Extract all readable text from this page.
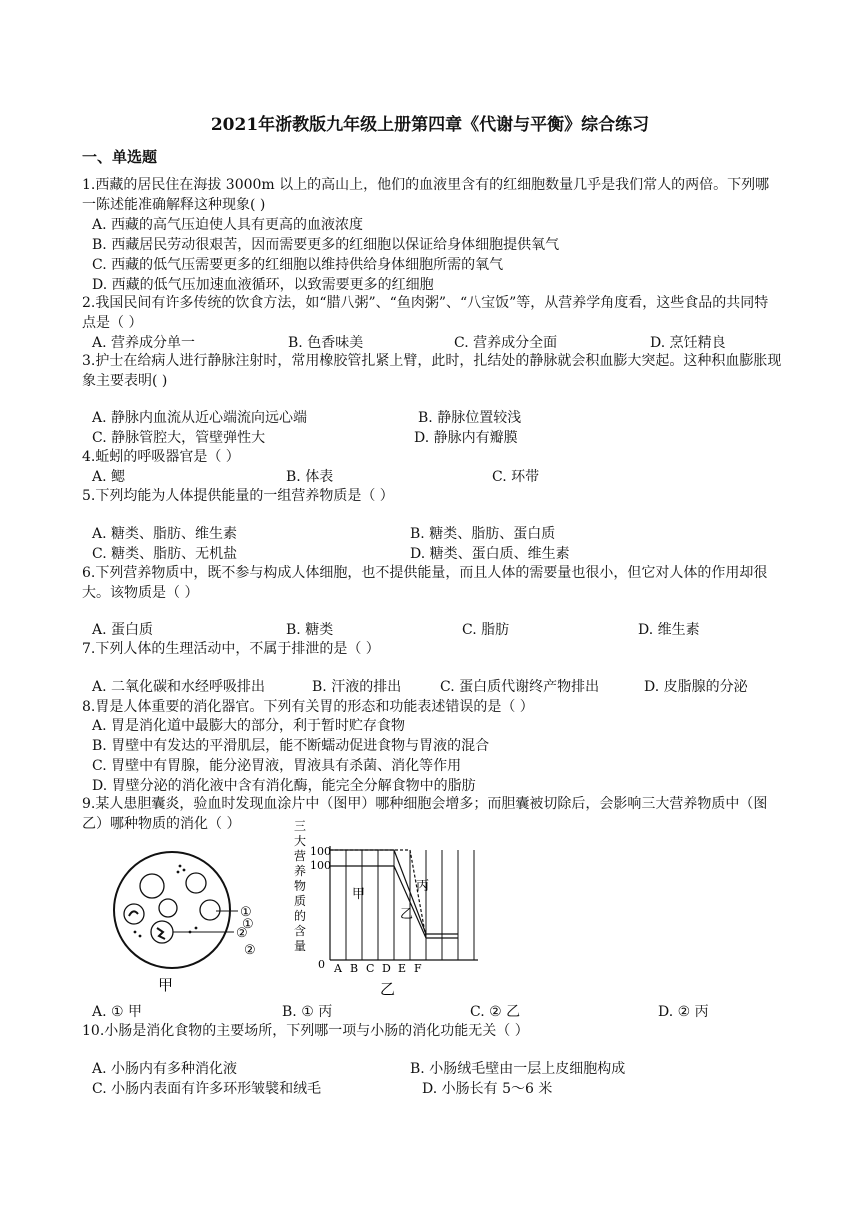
2021年浙教版九年级上册第四章《代谢与平衡》综合练习
一、单选题
1.西藏的居民住在海拔 3000m 以上的高山上，他们的血液里含有的红细胞数量几乎是我们常人的两倍。下列哪一陈述能准确解释这种现象( )
A. 西藏的高气压迫使人具有更高的血液浓度
B. 西藏居民劳动很艰苦，因而需要更多的红细胞以保证给身体细胞提供氧气
C. 西藏的低气压需要更多的红细胞以维持供给身体细胞所需的氧气
D. 西藏的低气压加速血液循环，以致需要更多的红细胞
2.我国民间有许多传统的饮食方法，如“腊八粥”、“鱼肉粥”、“八宝饭”等，从营养学角度看，这些食品的共同特点是（ ）
A. 营养成分单一	B. 色香味美	C. 营养成分全面	D. 烹饪精良
3.护士在给病人进行静脉注射时，常用橡胶管扎紧上臂，此时，扎结处的静脉就会积血膨大突起。这种积血膨胀现象主要表明( )
A. 静脉内血流从近心端流向远心端	B. 静脉位置较浅
C. 静脉管腔大，管壁弹性大	D. 静脉内有瓣膜
4.蚯蚓的呼吸器官是（ ）
A. 鳃	B. 体表	C. 环带
5.下列均能为人体提供能量的一组营养物质是（ ）
A. 糖类、脂肪、维生素	B. 糖类、脂肪、蛋白质
C. 糖类、脂肪、无机盐	D. 糖类、蛋白质、维生素
6.下列营养物质中，既不参与构成人体细胞，也不提供能量，而且人体的需要量也很小，但它对人体的作用却很大。该物质是（ ）
A. 蛋白质	B. 糖类	C. 脂肪	D. 维生素
7.下列人体的生理活动中，不属于排泄的是（ ）
A. 二氧化碳和水经呼吸排出	B. 汗液的排出	C. 蛋白质代谢终产物排出	D. 皮脂腺的分泌
8.胃是人体重要的消化器官。下列有关胃的形态和功能表述错误的是（ ）
A. 胃是消化道中最膨大的部分，利于暂时贮存食物
B. 胃壁中有发达的平滑肌层，能不断蠕动促进食物与胃液的混合
C. 胃壁中有胃腺，能分泌胃液，胃液具有杀菌、消化等作用
D. 胃壁分泌的消化液中含有消化酶，能完全分解食物中的脂肪
9.某人患胆囊炎，验血时发现血涂片中（图甲）哪种细胞会增多；而胆囊被切除后，会影响三大营养物质中（图乙）哪种物质的消化（ ）
①
①
②
②
甲
三
大
营
养
物
质
的
含
量
100
100
0 A B C D E F
甲
乙
丙
乙
A. ① 甲	B. ① 丙	C. ② 乙	D. ② 丙
10.小肠是消化食物的主要场所，下列哪一项与小肠的消化功能无关（ ）
A. 小肠内有多种消化液	B. 小肠绒毛壁由一层上皮细胞构成
C. 小肠内表面有许多环形皱襞和绒毛	D. 小肠长有 5～6 米
